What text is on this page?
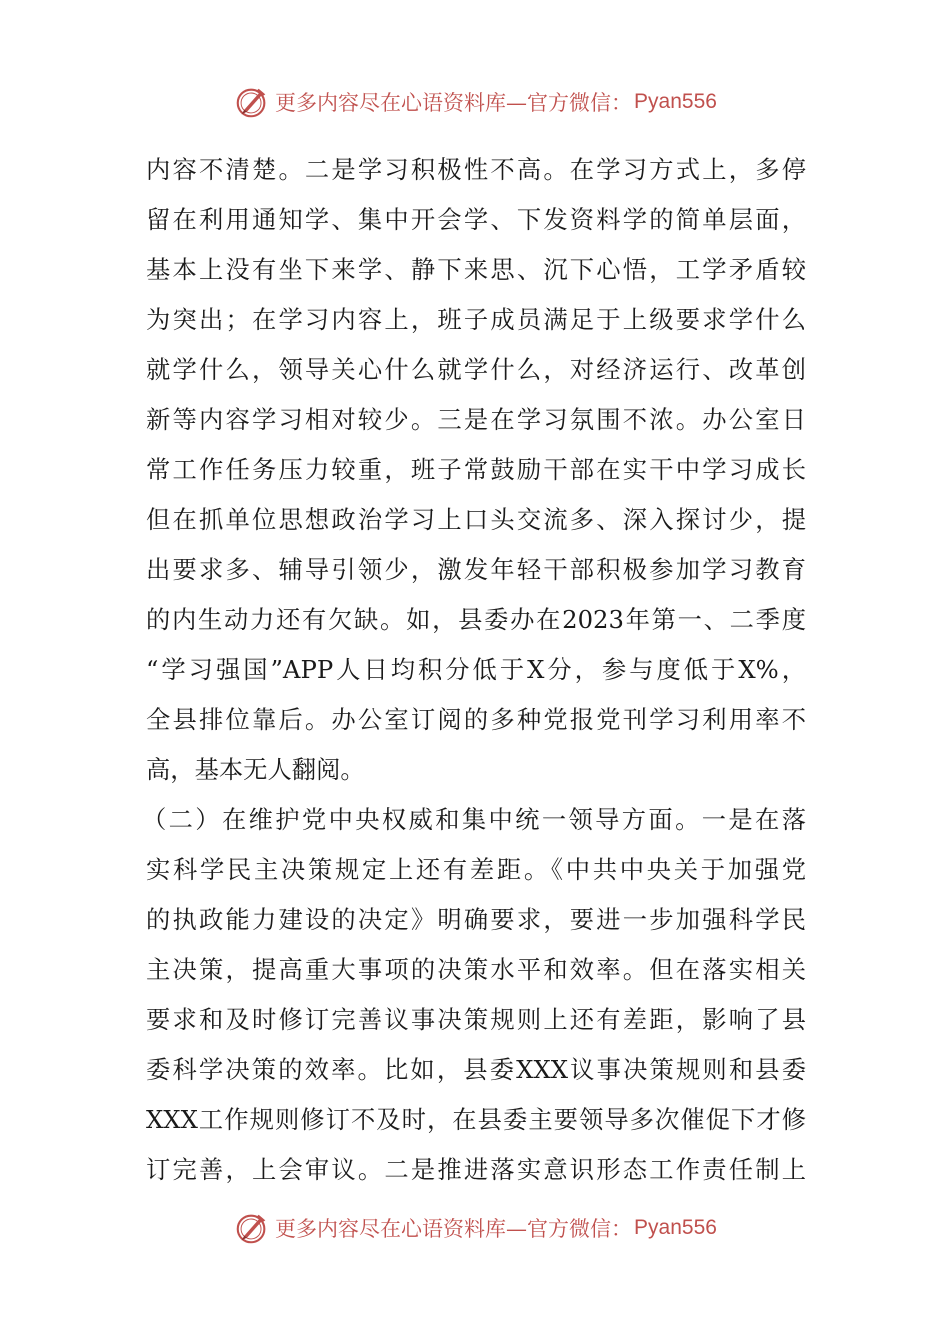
更多内容尽在心语资料库—官方微信： Pyan556
内容不清楚。二是学习积极性不高。在学习方式上，多停
留在利用通知学、集中开会学、下发资料学的简单层面，
基本上没有坐下来学、静下来思、沉下心悟，工学矛盾较
为突出；在学习内容上，班子成员满足于上级要求学什么
就学什么，领导关心什么就学什么，对经济运行、改革创
新等内容学习相对较少。三是在学习氛围不浓。办公室日
常工作任务压力较重，班子常鼓励干部在实干中学习成长
但在抓单位思想政治学习上口头交流多、深入探讨少，提
出要求多、辅导引领少，激发年轻干部积极参加学习教育
的内生动力还有欠缺。如，县委办在2023年第一、二季度
“学习强国”APP人日均积分低于X分，参与度低于X%，
全县排位靠后。办公室订阅的多种党报党刊学习利用率不
高，基本无人翻阅。
（二）在维护党中央权威和集中统一领导方面。一是在落
实科学民主决策规定上还有差距。《中共中央关于加强党
的执政能力建设的决定》明确要求，要进一步加强科学民
主决策，提高重大事项的决策水平和效率。但在落实相关
要求和及时修订完善议事决策规则上还有差距，影响了县
委科学决策的效率。比如，县委XXX议事决策规则和县委
XXX工作规则修订不及时，在县委主要领导多次催促下才修
订完善，上会审议。二是推进落实意识形态工作责任制上
更多内容尽在心语资料库—官方微信： Pyan556
